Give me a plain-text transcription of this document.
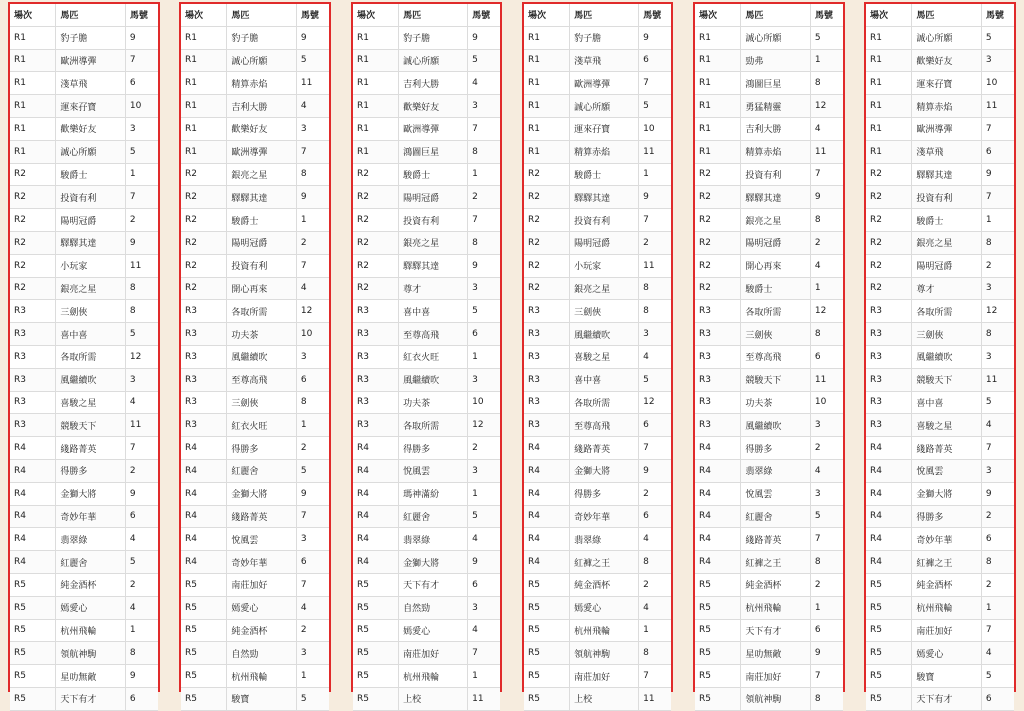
場次	馬匹	馬號
R1	豹子膽	9
R1	歐洲導彈	7
R1	淺草飛	6
R1	運來孖寶	10
R1	歡樂好友	3
R1	誠心所願	5
R2	駿爵士	1
R2	投資有利	7
R2	陽明冠爵	2
R2	驛驛其達	9
R2	小玩家	11
R2	銀亮之星	8
R3	三劍俠	8
R3	喜中喜	5
R3	各取所需	12
R3	風繼續吹	3
R3	喜駿之星	4
R3	競駿天下	11
R4	綫路菁英	7
R4	得勝多	2
R4	金獅大將	9
R4	奇妙年華	6
R4	翡翠綠	4
R4	紅麗舍	5
R5	純金酒杯	2
R5	嫣愛心	4
R5	杭州飛輪	1
R5	領航神駒	8
R5	星叻無敵	9
R5	天下有才	6
場次	馬匹	馬號
R1	豹子膽	9
R1	誠心所願	5
R1	精算赤焰	11
R1	吉利大勝	4
R1	歡樂好友	3
R1	歐洲導彈	7
R2	銀亮之星	8
R2	驛驛其達	9
R2	駿爵士	1
R2	陽明冠爵	2
R2	投資有利	7
R2	開心再來	4
R3	各取所需	12
R3	功夫茶	10
R3	風繼續吹	3
R3	至尊高飛	6
R3	三劍俠	8
R3	紅衣火旺	1
R4	得勝多	2
R4	紅麗舍	5
R4	金獅大將	9
R4	綫路菁英	7
R4	悅風雲	3
R4	奇妙年華	6
R5	南莊加好	7
R5	嫣愛心	4
R5	純金酒杯	2
R5	自然勁	3
R5	杭州飛輪	1
R5	駿寶	5
場次	馬匹	馬號
R1	豹子膽	9
R1	誠心所願	5
R1	吉利大勝	4
R1	歡樂好友	3
R1	歐洲導彈	7
R1	鴻圖巨星	8
R2	駿爵士	1
R2	陽明冠爵	2
R2	投資有利	7
R2	銀亮之星	8
R2	驛驛其達	9
R2	尊才	3
R3	喜中喜	5
R3	至尊高飛	6
R3	紅衣火旺	1
R3	風繼續吹	3
R3	功夫茶	10
R3	各取所需	12
R4	得勝多	2
R4	悅風雲	3
R4	瑪神滿紛	1
R4	紅麗舍	5
R4	翡翠綠	4
R4	金獅大將	9
R5	天下有才	6
R5	自然勁	3
R5	嫣愛心	4
R5	南莊加好	7
R5	杭州飛輪	1
R5	上校	11
場次	馬匹	馬號
R1	豹子膽	9
R1	淺草飛	6
R1	歐洲導彈	7
R1	誠心所願	5
R1	運來孖寶	10
R1	精算赤焰	11
R2	駿爵士	1
R2	驛驛其達	9
R2	投資有利	7
R2	陽明冠爵	2
R2	小玩家	11
R2	銀亮之星	8
R3	三劍俠	8
R3	風繼續吹	3
R3	喜駿之星	4
R3	喜中喜	5
R3	各取所需	12
R3	至尊高飛	6
R4	綫路菁英	7
R4	金獅大將	9
R4	得勝多	2
R4	奇妙年華	6
R4	翡翠綠	4
R4	紅褲之王	8
R5	純金酒杯	2
R5	嫣愛心	4
R5	杭州飛輪	1
R5	領航神駒	8
R5	南莊加好	7
R5	上校	11
場次	馬匹	馬號
R1	誠心所願	5
R1	勁弗	1
R1	鴻圖巨星	8
R1	勇猛精靈	12
R1	吉利大勝	4
R1	精算赤焰	11
R2	投資有利	7
R2	驛驛其達	9
R2	銀亮之星	8
R2	陽明冠爵	2
R2	開心再來	4
R2	駿爵士	1
R3	各取所需	12
R3	三劍俠	8
R3	至尊高飛	6
R3	競駿天下	11
R3	功夫茶	10
R3	風繼續吹	3
R4	得勝多	2
R4	翡翠綠	4
R4	悅風雲	3
R4	紅麗舍	5
R4	綫路菁英	7
R4	紅褲之王	8
R5	純金酒杯	2
R5	杭州飛輪	1
R5	天下有才	6
R5	星叻無敵	9
R5	南莊加好	7
R5	領航神駒	8
場次	馬匹	馬號
R1	誠心所願	5
R1	歡樂好友	3
R1	運來孖寶	10
R1	精算赤焰	11
R1	歐洲導彈	7
R1	淺草飛	6
R2	驛驛其達	9
R2	投資有利	7
R2	駿爵士	1
R2	銀亮之星	8
R2	陽明冠爵	2
R2	尊才	3
R3	各取所需	12
R3	三劍俠	8
R3	風繼續吹	3
R3	競駿天下	11
R3	喜中喜	5
R3	喜駿之星	4
R4	綫路菁英	7
R4	悅風雲	3
R4	金獅大將	9
R4	得勝多	2
R4	奇妙年華	6
R4	紅褲之王	8
R5	純金酒杯	2
R5	杭州飛輪	1
R5	南莊加好	7
R5	嫣愛心	4
R5	駿寶	5
R5	天下有才	6
